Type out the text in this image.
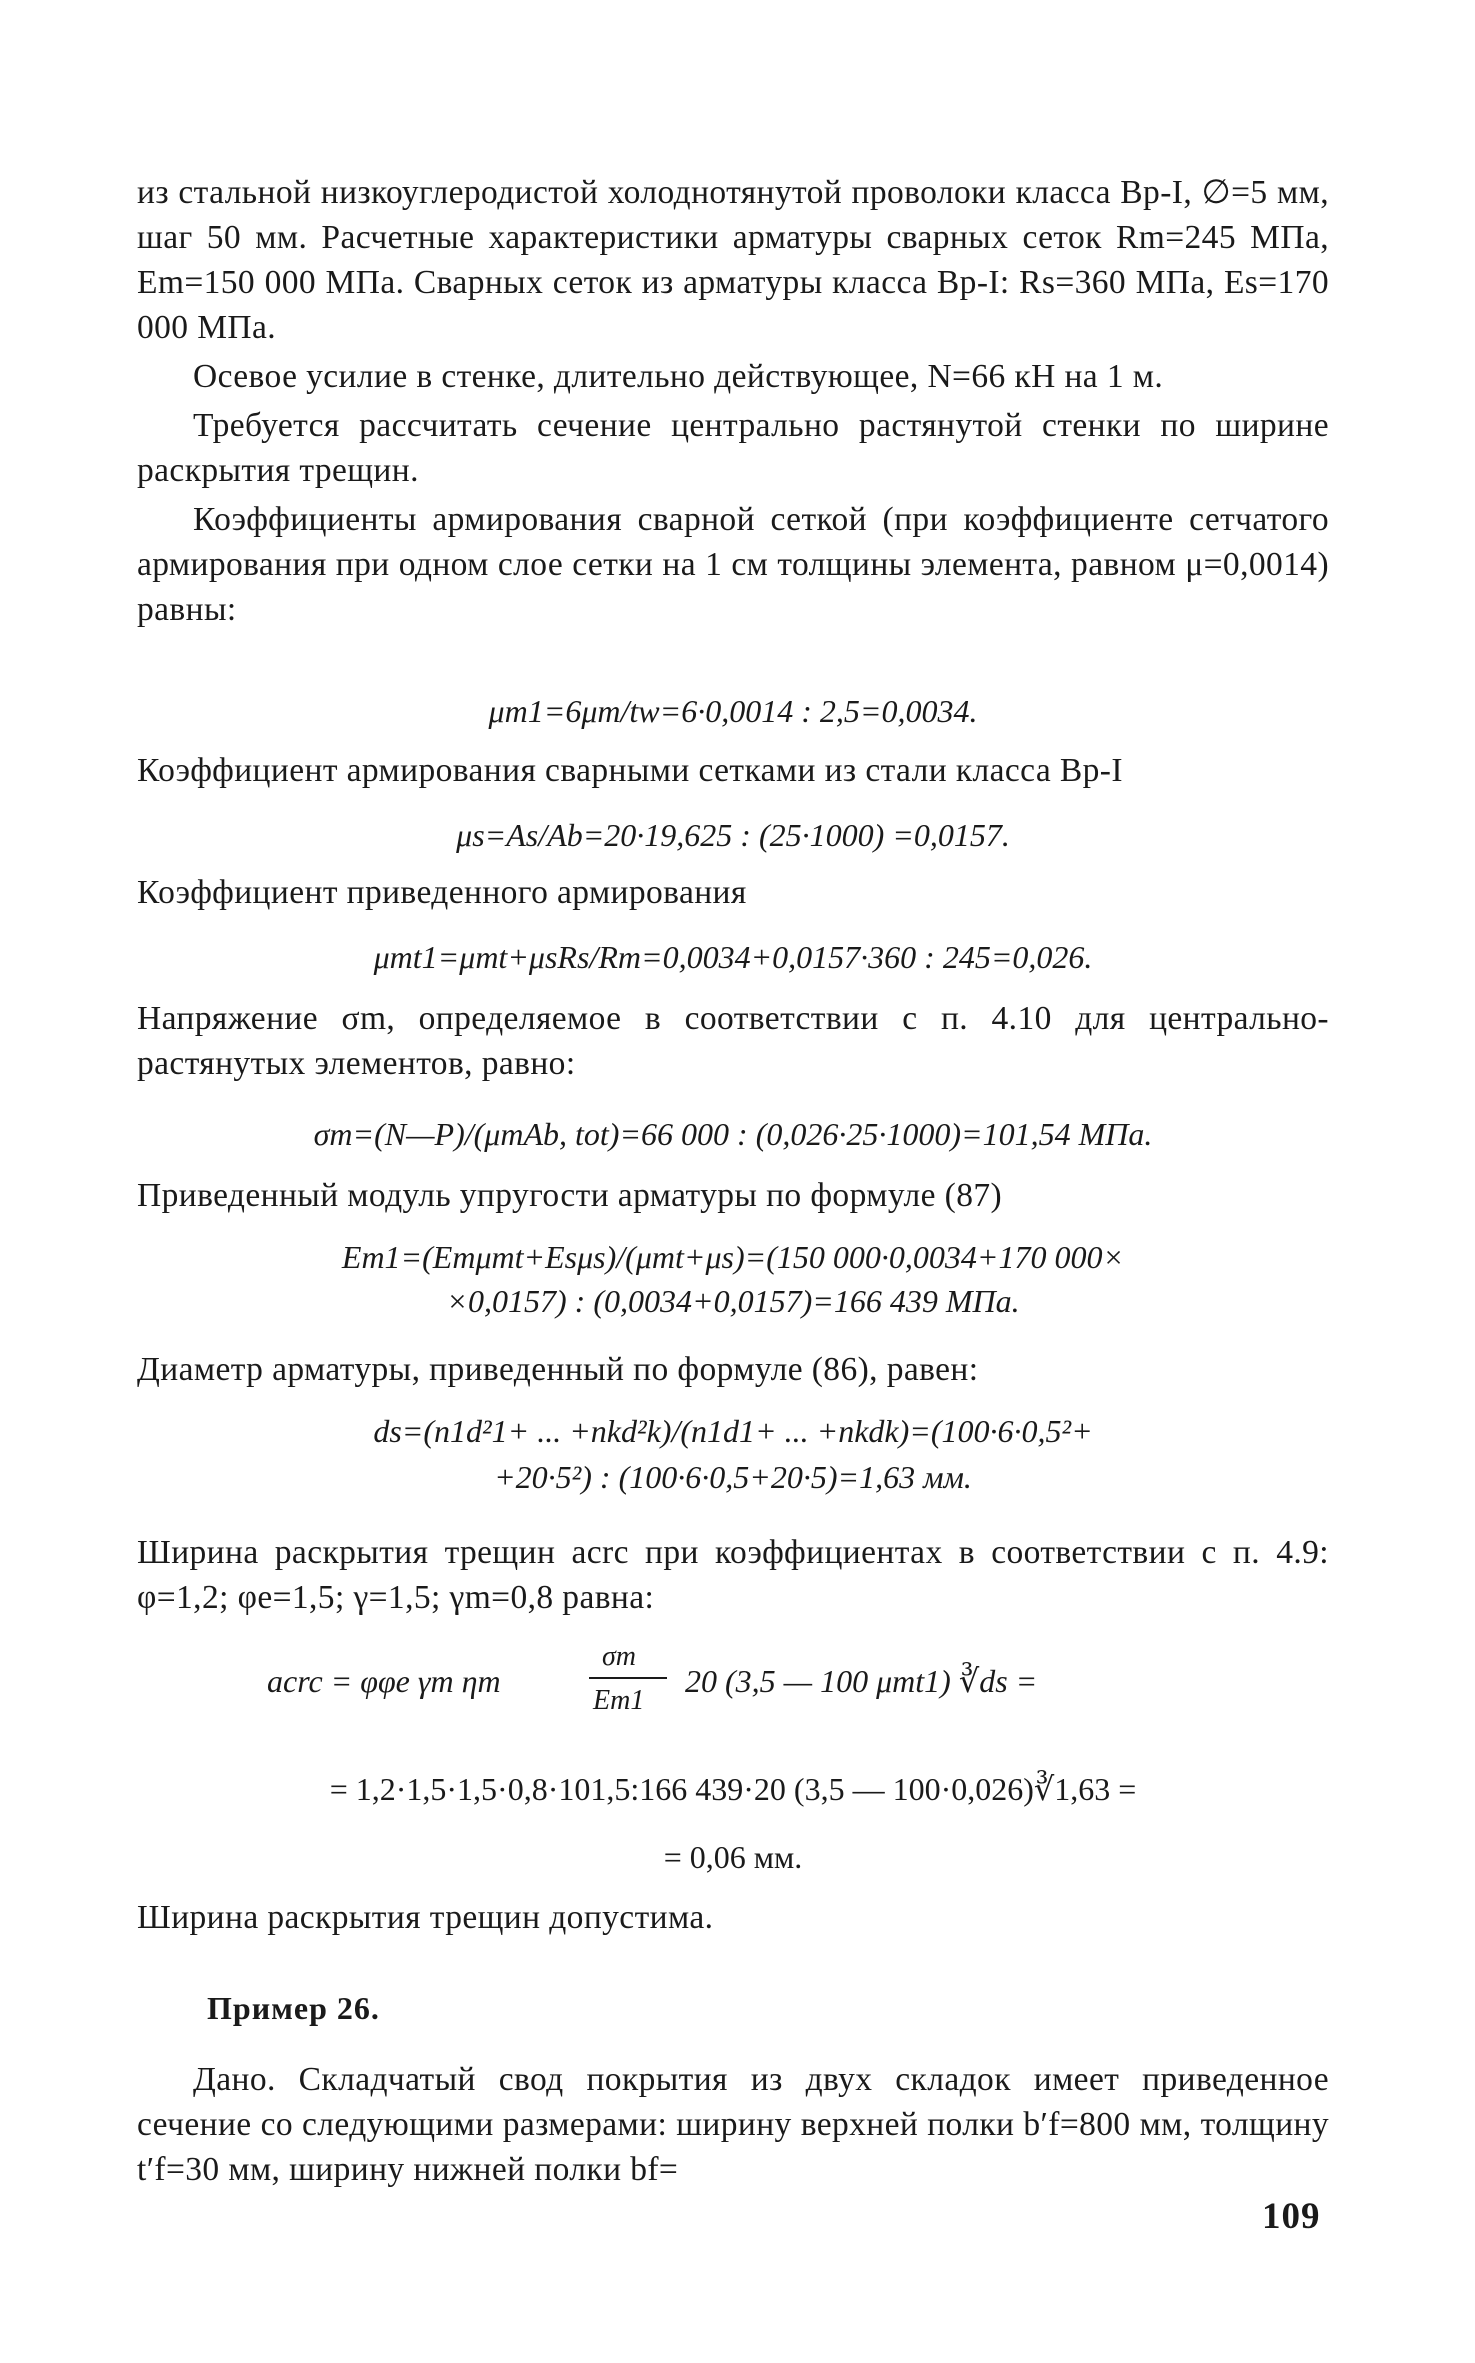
из стальной низкоуглеродистой холоднотянутой проволоки класса Вр-I, ∅=5 мм, шаг 50 мм. Расчетные характеристики арматуры сварных сеток Rm=245 МПа, Em=150 000 МПа. Сварных сеток из арматуры класса Вр-I: Rs=360 МПа, Es=170 000 МПа.

Осевое усилие в стенке, длительно действующее, N=66 кН на 1 м.

Требуется рассчитать сечение центрально растянутой стенки по ширине раскрытия трещин.

Коэффициенты армирования сварной сеткой (при коэффициенте сетчатого армирования при одном слое сетки на 1 см толщины элемента, равном μ=0,0014) равны:

μm1=6μm/tw=6·0,0014 : 2,5=0,0034.

Коэффициент армирования сварными сетками из стали класса Вр-I

μs=As/Ab=20·19,625 : (25·1000) =0,0157.

Коэффициент приведенного армирования

μmt1=μmt+μsRs/Rm=0,0034+0,0157·360 : 245=0,026.

Напряжение σm, определяемое в соответствии с п. 4.10 для центрально-растянутых элементов, равно:

σm=(N—P)/(μmAb, tot)=66 000 : (0,026·25·1000)=101,54 МПа.

Приведенный модуль упругости арматуры по формуле (87)

Em1=(Emμmt+Esμs)/(μmt+μs)=(150 000·0,0034+170 000×
×0,0157) : (0,0034+0,0157)=166 439 МПа.

Диаметр арматуры, приведенный по формуле (86), равен:

ds=(n1d²1+ ... +nkd²k)/(n1d1+ ... +nkdk)=(100·6·0,5²+
+20·5²) : (100·6·0,5+20·5)=1,63 мм.

Ширина раскрытия трещин acrc при коэффициентах в соответствии с п. 4.9: φ=1,2; φe=1,5; γ=1,5; γm=0,8 равна:

acrc = φφe γm ηm
σm
Em1
20 (3,5 — 100 μmt1) ∛ds =
= 1,2·1,5·1,5·0,8·101,5:166 439·20 (3,5 — 100·0,026)∛1,63 =
= 0,06 мм.

Ширина раскрытия трещин допустима.

Пример 26.

Дано. Складчатый свод покрытия из двух складок имеет приведенное сечение со следующими размерами: ширину верхней полки b′f=800 мм, толщину t′f=30 мм, ширину нижней полки bf=

109
